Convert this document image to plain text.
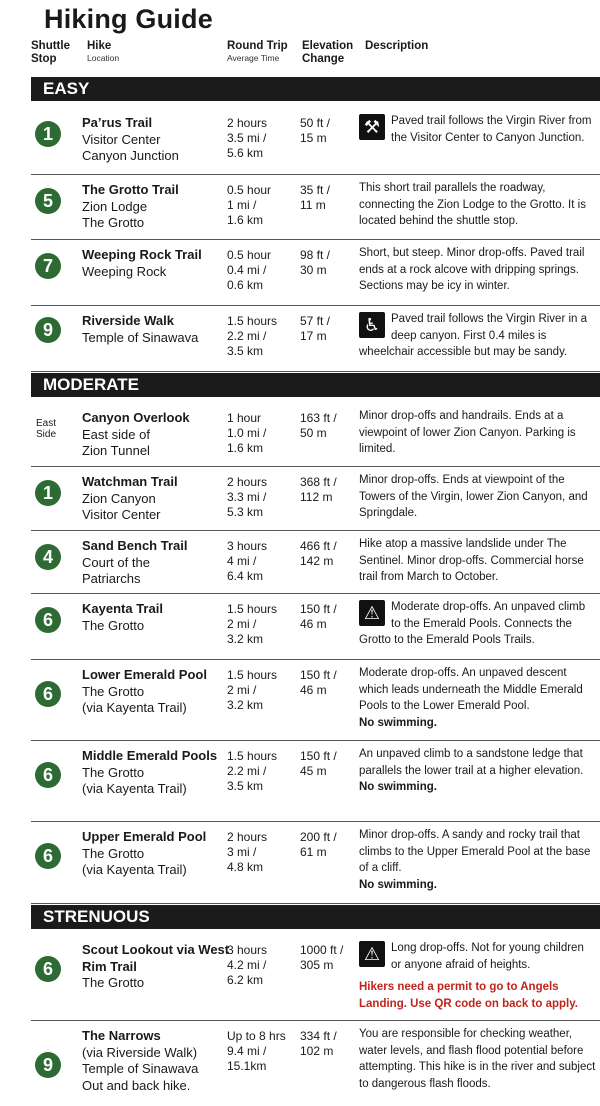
Hiking Guide
Shuttle Stop
Hike
Location
Round Trip
Average Time
Elevation Change
Description
EASY
MODERATE
STRENUOUS
1
Pa’rus Trail
Visitor Center
Canyon Junction
2 hours
3.5 mi /
5.6 km
50 ft /
15 m
⚒ Paved trail follows the Virgin River from the Visitor Center to Canyon Junction.
5
The Grotto Trail
Zion Lodge
The Grotto
0.5 hour
1 mi /
1.6 km
35 ft /
11 m
This short trail parallels the roadway, connecting the Zion Lodge to the Grotto. It is located behind the shuttle stop.
7
Weeping Rock Trail
Weeping Rock
0.5 hour
0.4 mi /
0.6 km
98 ft /
30 m
Short, but steep. Minor drop-offs. Paved trail ends at a rock alcove with dripping springs. Sections may be icy in winter.
9	Riverside Walk
Temple of Sinawava
1.5 hours
2.2 mi /
3.5 km
57 ft /
17 m
♿ Paved trail follows the Virgin River in a deep canyon. First 0.4 miles is wheelchair accessible but may be sandy.
East Side
Canyon Overlook
East side of
Zion Tunnel
1 hour
1.0 mi /
1.6 km
163 ft /
50 m
Minor drop-offs and handrails. Ends at a viewpoint of lower Zion Canyon. Parking is limited.
1
Watchman Trail
Zion Canyon
Visitor Center
2 hours
3.3 mi /
5.3 km
368 ft /
112 m
Minor drop-offs. Ends at viewpoint of the Towers of the Virgin, lower Zion Canyon, and Springdale.
4
Sand Bench Trail
Court of the
Patriarchs
3 hours
4 mi /
6.4 km
466 ft /
142 m
Hike atop a massive landslide under The Sentinel. Minor drop-offs. Commercial horse trail from March to October.
6
Kayenta Trail
The Grotto
1.5 hours
2 mi /
3.2 km
150 ft /
46 m
⚠ Moderate drop-offs. An unpaved climb to the Emerald Pools. Connects the Grotto to the Emerald Pools Trails.
6
Lower Emerald Pool
The Grotto
(via Kayenta Trail)
1.5 hours
2 mi /
3.2 km
150 ft /
46 m
Moderate drop-offs. An unpaved descent which leads underneath the Middle Emerald Pools to the Lower Emerald Pool.
No swimming.
6
Middle Emerald Pools
The Grotto
(via Kayenta Trail)
1.5 hours
2.2 mi /
3.5 km
150 ft /
45 m
An unpaved climb to a sandstone ledge that parallels the lower trail at a higher elevation.
No swimming.
6
Upper Emerald Pool
The Grotto
(via Kayenta Trail)
2 hours
3 mi /
4.8 km
200 ft /
61 m
Minor drop-offs. A sandy and rocky trail that climbs to the Upper Emerald Pool at the base of a cliff.
No swimming.
6
Scout Lookout via West Rim Trail
The Grotto
3 hours
4.2 mi /
6.2 km
1000 ft /
305 m
⚠ Long drop-offs. Not for young children or anyone afraid of heights.
Hikers need a permit to go to Angels Landing. Use QR code on back to apply.
9
The Narrows
(via Riverside Walk)
Temple of Sinawava
Out and back hike.
Up to 8 hrs
9.4 mi /
15.1km
334 ft /
102 m
You are responsible for checking weather, water levels, and flash flood potential before attempting. This hike is in the river and subject to dangerous flash floods.
